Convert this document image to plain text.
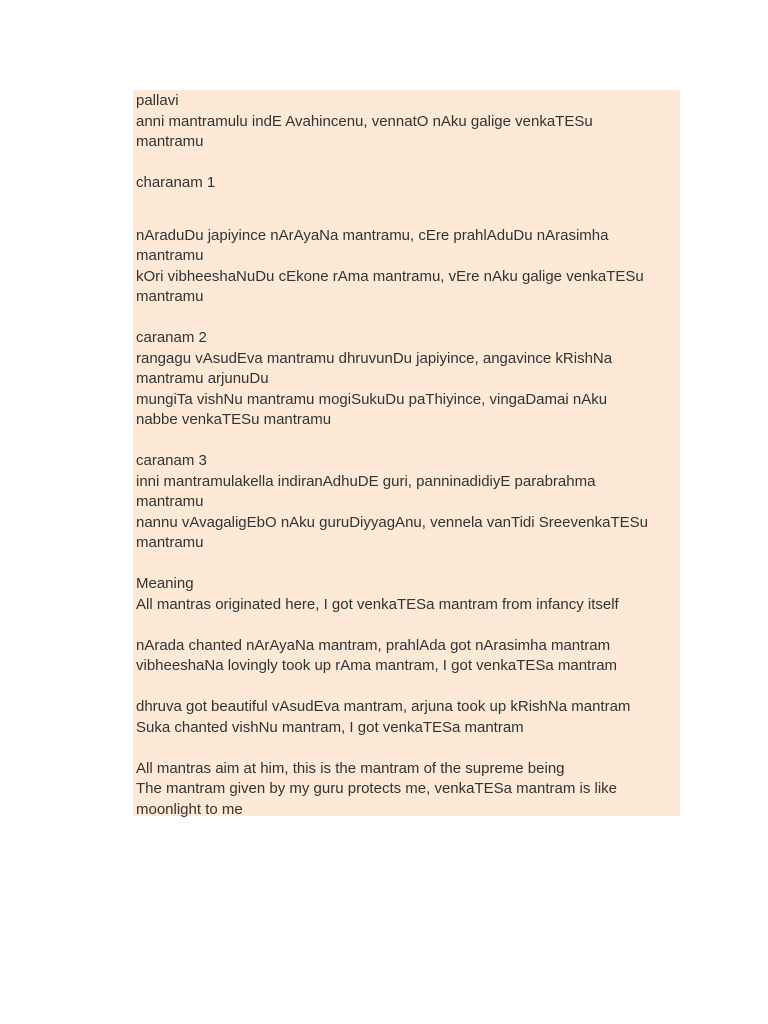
pallavi
anni mantramulu indE Avahincenu, vennatO nAku galige venkaTESu
mantramu
charanam 1
nAraduDu japiyince nArAyaNa mantramu, cEre prahlAduDu nArasimha
mantramu
kOri vibheeshaNuDu cEkone rAma mantramu, vEre nAku galige venkaTESu
mantramu
caranam 2
rangagu vAsudEva mantramu dhruvunDu japiyince, angavince kRishNa
mantramu arjunuDu
mungiTa vishNu mantramu mogiSukuDu paThiyince, vingaDamai nAku
nabbe venkaTESu mantramu
caranam 3
inni mantramulakella indiranAdhuDE guri, panninadidiyE parabrahma
mantramu
nannu vAvagaligEbO nAku guruDiyyagAnu, vennela vanTidi SreevenkaTESu
mantramu
Meaning
All mantras originated here, I got venkaTESa mantram from infancy itself
nArada chanted nArAyaNa mantram, prahlAda got nArasimha mantram
vibheeshaNa lovingly took up rAma mantram, I got venkaTESa mantram
dhruva got beautiful vAsudEva mantram, arjuna took up kRishNa mantram
Suka chanted vishNu mantram, I got venkaTESa mantram
All mantras aim at him, this is the mantram of the supreme being
The mantram given by my guru protects me, venkaTESa mantram is like
moonlight to me
